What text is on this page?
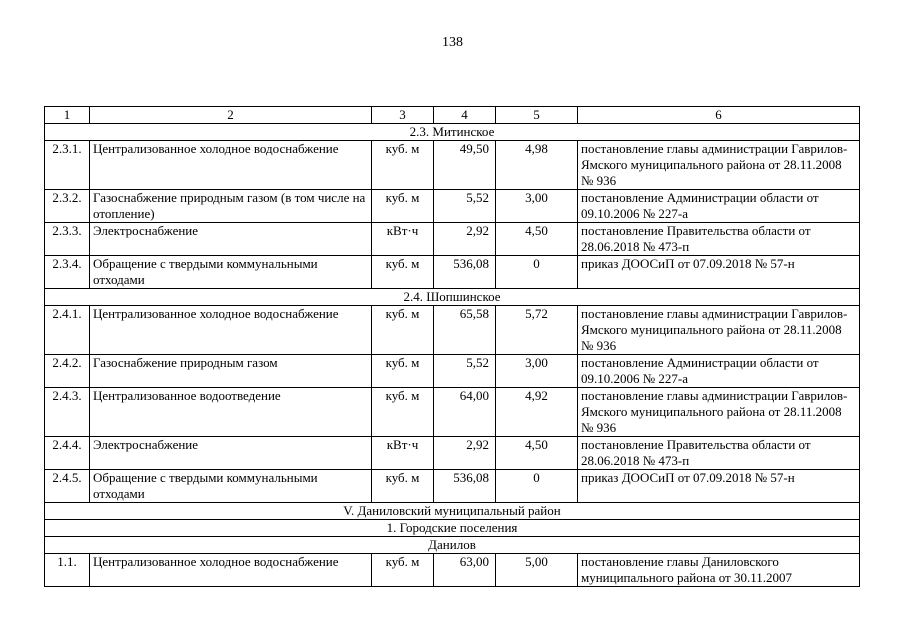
138
1	2	3	4	5	6
2.3. Митинское					
2.3.1.	Централизованное холодное водоснабжение	куб. м	49,50	4,98	постановление главы администрации Гаврилов-Ямского муниципального района от 28.11.2008 № 936
2.3.2.	Газоснабжение природным газом (в том числе на отопление)	куб. м	5,52	3,00	постановление Администрации области от 09.10.2006 № 227-а
2.3.3.	Электроснабжение	кВт·ч	2,92	4,50	постановление Правительства области от 28.06.2018 № 473-п
2.3.4.	Обращение с твердыми коммунальными отходами	куб. м	536,08	0	приказ ДООСиП от 07.09.2018 № 57-н
2.4. Шопшинское					
2.4.1.	Централизованное холодное водоснабжение	куб. м	65,58	5,72	постановление главы администрации Гаврилов-Ямского муниципального района от 28.11.2008 № 936
2.4.2.	Газоснабжение природным газом	куб. м	5,52	3,00	постановление Администрации области от 09.10.2006 № 227-а
2.4.3.	Централизованное водоотведение	куб. м	64,00	4,92	постановление главы администрации Гаврилов-Ямского муниципального района от 28.11.2008 № 936
2.4.4.	Электроснабжение	кВт·ч	2,92	4,50	постановление Правительства области от 28.06.2018 № 473-п
2.4.5.	Обращение с твердыми коммунальными отходами	куб. м	536,08	0	приказ ДООСиП от 07.09.2018 № 57-н
V. Даниловский муниципальный район					
1. Городские поселения					
Данилов					
1.1.	Централизованное холодное водоснабжение	куб. м	63,00	5,00	постановление главы Даниловского муниципального района от 30.11.2007
